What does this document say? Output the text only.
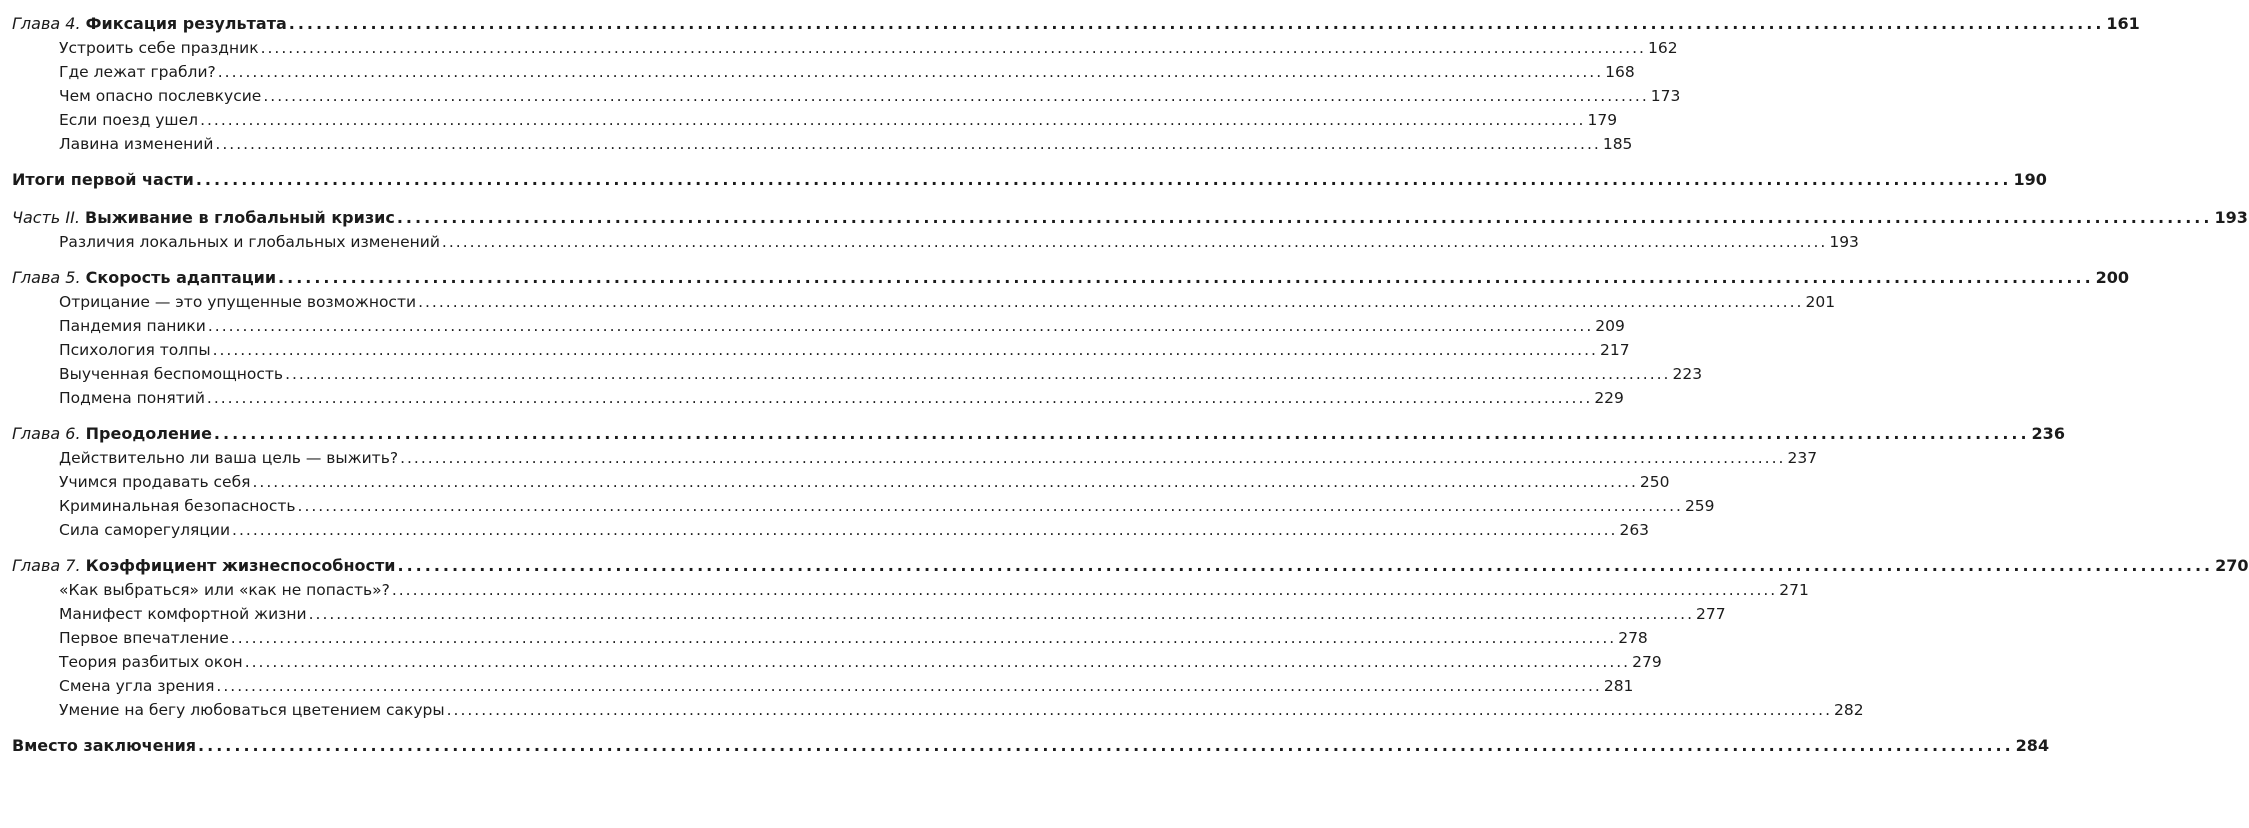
Глава 4. Фиксация результата ........................................................................................................................................................................................................ 161
Устроить себе праздник ........................................................................................................................................................................................................ 162
Где лежат грабли? ........................................................................................................................................................................................................ 168
Чем опасно послевкусие ........................................................................................................................................................................................................ 173
Если поезд ушел ........................................................................................................................................................................................................ 179
Лавина изменений ........................................................................................................................................................................................................ 185
Итоги первой части ........................................................................................................................................................................................................ 190
Часть II. Выживание в глобальный кризис ........................................................................................................................................................................................................ 193
Различия локальных и глобальных изменений ........................................................................................................................................................................................................ 193
Глава 5. Скорость адаптации ........................................................................................................................................................................................................ 200
Отрицание — это упущенные возможности ........................................................................................................................................................................................................ 201
Пандемия паники ........................................................................................................................................................................................................ 209
Психология толпы ........................................................................................................................................................................................................ 217
Выученная беспомощность ........................................................................................................................................................................................................ 223
Подмена понятий ........................................................................................................................................................................................................ 229
Глава 6. Преодоление ........................................................................................................................................................................................................ 236
Действительно ли ваша цель — выжить? ........................................................................................................................................................................................................ 237
Учимся продавать себя ........................................................................................................................................................................................................ 250
Криминальная безопасность ........................................................................................................................................................................................................ 259
Сила саморегуляции ........................................................................................................................................................................................................ 263
Глава 7. Коэффициент жизнеспособности ........................................................................................................................................................................................................ 270
«Как выбраться» или «как не попасть»? ........................................................................................................................................................................................................ 271
Манифест комфортной жизни ........................................................................................................................................................................................................ 277
Первое впечатление ........................................................................................................................................................................................................ 278
Теория разбитых окон ........................................................................................................................................................................................................ 279
Смена угла зрения ........................................................................................................................................................................................................ 281
Умение на бегу любоваться цветением сакуры ........................................................................................................................................................................................................ 282
Вместо заключения ........................................................................................................................................................................................................ 284
